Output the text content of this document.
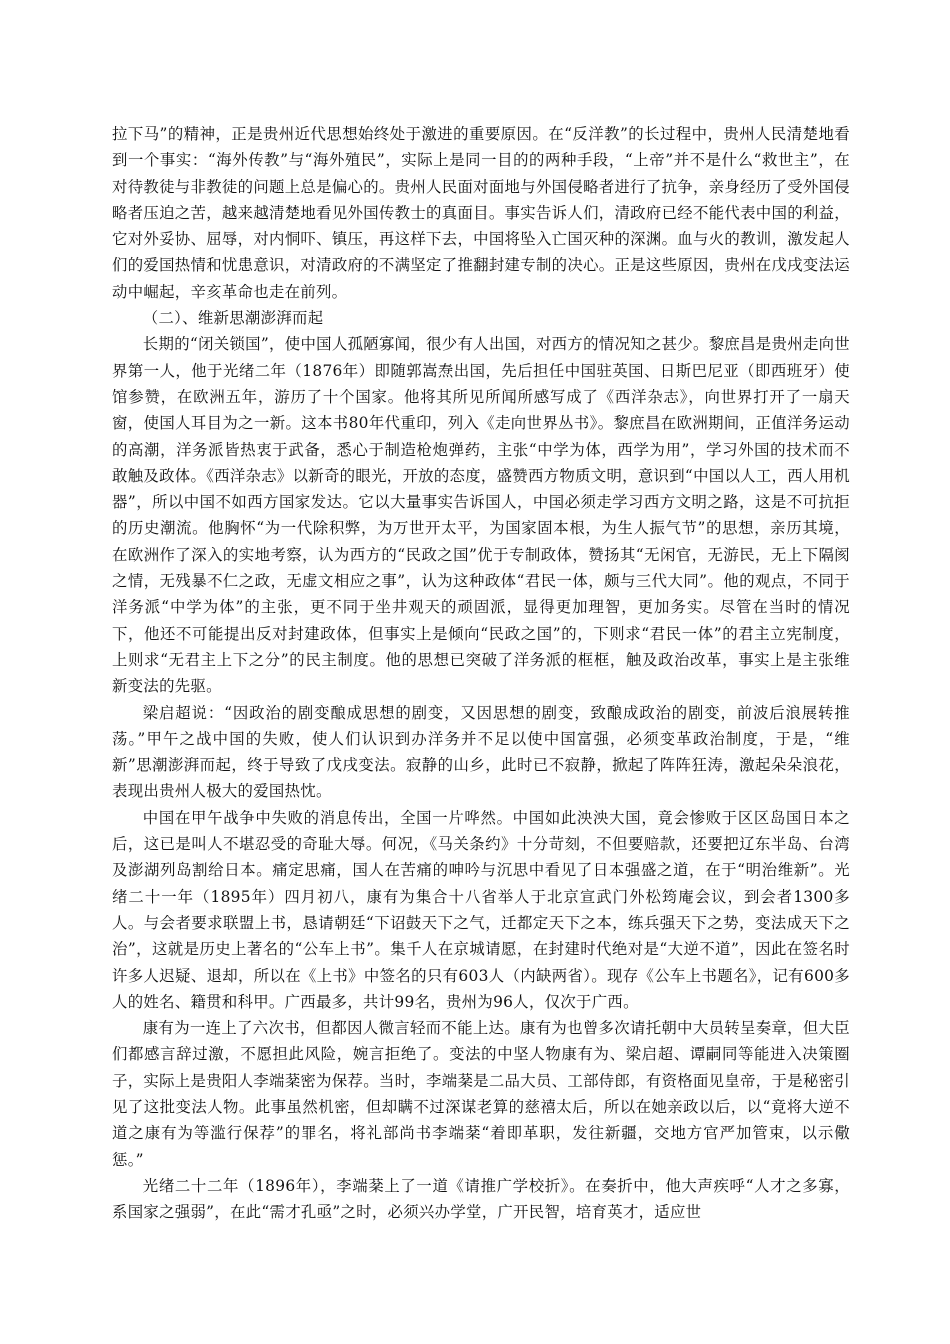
拉下马”的精神，正是贵州近代思想始终处于激进的重要原因。在“反洋教”的长过程中，贵州人民清楚地看到一个事实：“海外传教”与“海外殖民”，实际上是同一目的的两种手段，“上帝”并不是什么“救世主”，在对待教徒与非教徒的问题上总是偏心的。贵州人民面对面地与外国侵略者进行了抗争，亲身经历了受外国侵略者压迫之苦，越来越清楚地看见外国传教士的真面目。事实告诉人们，清政府已经不能代表中国的利益，它对外妥协、屈辱，对内恫吓、镇压，再这样下去，中国将坠入亡国灭种的深渊。血与火的教训，激发起人们的爱国热情和忧患意识，对清政府的不满坚定了推翻封建专制的决心。正是这些原因，贵州在戊戌变法运动中崛起，辛亥革命也走在前列。

（二）、维新思潮澎湃而起

长期的“闭关锁国”，使中国人孤陋寡闻，很少有人出国，对西方的情况知之甚少。黎庶昌是贵州走向世界第一人，他于光绪二年（1876年）即随郭嵩焘出国，先后担任中国驻英国、日斯巴尼亚（即西班牙）使馆参赞，在欧洲五年，游历了十个国家。他将其所见所闻所感写成了《西洋杂志》，向世界打开了一扇天窗，使国人耳目为之一新。这本书80年代重印，列入《走向世界丛书》。黎庶昌在欧洲期间，正值洋务运动的高潮，洋务派皆热衷于武备，悉心于制造枪炮弹药，主张“中学为体，西学为用”，学习外国的技术而不敢触及政体。《西洋杂志》以新奇的眼光，开放的态度，盛赞西方物质文明，意识到“中国以人工，西人用机器”，所以中国不如西方国家发达。它以大量事实告诉国人，中国必须走学习西方文明之路，这是不可抗拒的历史潮流。他胸怀“为一代除积弊，为万世开太平，为国家固本根，为生人振气节”的思想，亲历其境，在欧洲作了深入的实地考察，认为西方的“民政之国”优于专制政体，赞扬其“无闲官，无游民，无上下隔阂之情，无残暴不仁之政，无虚文相应之事”，认为这种政体“君民一体，颇与三代大同”。他的观点，不同于洋务派“中学为体”的主张，更不同于坐井观天的顽固派，显得更加理智，更加务实。尽管在当时的情况下，他还不可能提出反对封建政体，但事实上是倾向“民政之国”的，下则求“君民一体”的君主立宪制度，上则求“无君主上下之分”的民主制度。他的思想已突破了洋务派的框框，触及政治改革，事实上是主张维新变法的先驱。

梁启超说：“因政治的剧变酿成思想的剧变，又因思想的剧变，致酿成政治的剧变，前波后浪展转推荡。”甲午之战中国的失败，使人们认识到办洋务并不足以使中国富强，必须变革政治制度，于是，“维新”思潮澎湃而起，终于导致了戊戌变法。寂静的山乡，此时已不寂静，掀起了阵阵狂涛，激起朵朵浪花，表现出贵州人极大的爱国热忱。

中国在甲午战争中失败的消息传出，全国一片哗然。中国如此泱泱大国，竟会惨败于区区岛国日本之后，这已是叫人不堪忍受的奇耻大辱。何况，《马关条约》十分苛刻，不但要赔款，还要把辽东半岛、台湾及澎湖列岛割给日本。痛定思痛，国人在苦痛的呻吟与沉思中看见了日本强盛之道，在于“明治维新”。光绪二十一年（1895年）四月初八，康有为集合十八省举人于北京宣武门外松筠庵会议，到会者1300多人。与会者要求联盟上书，恳请朝廷“下诏鼓天下之气，迁都定天下之本，练兵强天下之势，变法成天下之治”，这就是历史上著名的“公车上书”。集千人在京城请愿，在封建时代绝对是“大逆不道”，因此在签名时许多人迟疑、退却，所以在《上书》中签名的只有603人（内缺两省）。现存《公车上书题名》，记有600多人的姓名、籍贯和科甲。广西最多，共计99名，贵州为96人，仅次于广西。

康有为一连上了六次书，但都因人微言轻而不能上达。康有为也曾多次请托朝中大员转呈奏章，但大臣们都感言辞过激，不愿担此风险，婉言拒绝了。变法的中坚人物康有为、梁启超、谭嗣同等能进入决策圈子，实际上是贵阳人李端棻密为保荐。当时，李端棻是二品大员、工部侍郎，有资格面见皇帝，于是秘密引见了这批变法人物。此事虽然机密，但却瞒不过深谋老算的慈禧太后，所以在她亲政以后，以“竟将大逆不道之康有为等滥行保荐”的罪名，将礼部尚书李端棻“着即革职，发往新疆，交地方官严加管束，以示儆惩。”

光绪二十二年（1896年），李端棻上了一道《请推广学校折》。在奏折中，他大声疾呼“人才之多寡，系国家之强弱”，在此“需才孔亟”之时，必须兴办学堂，广开民智，培育英才，适应世
